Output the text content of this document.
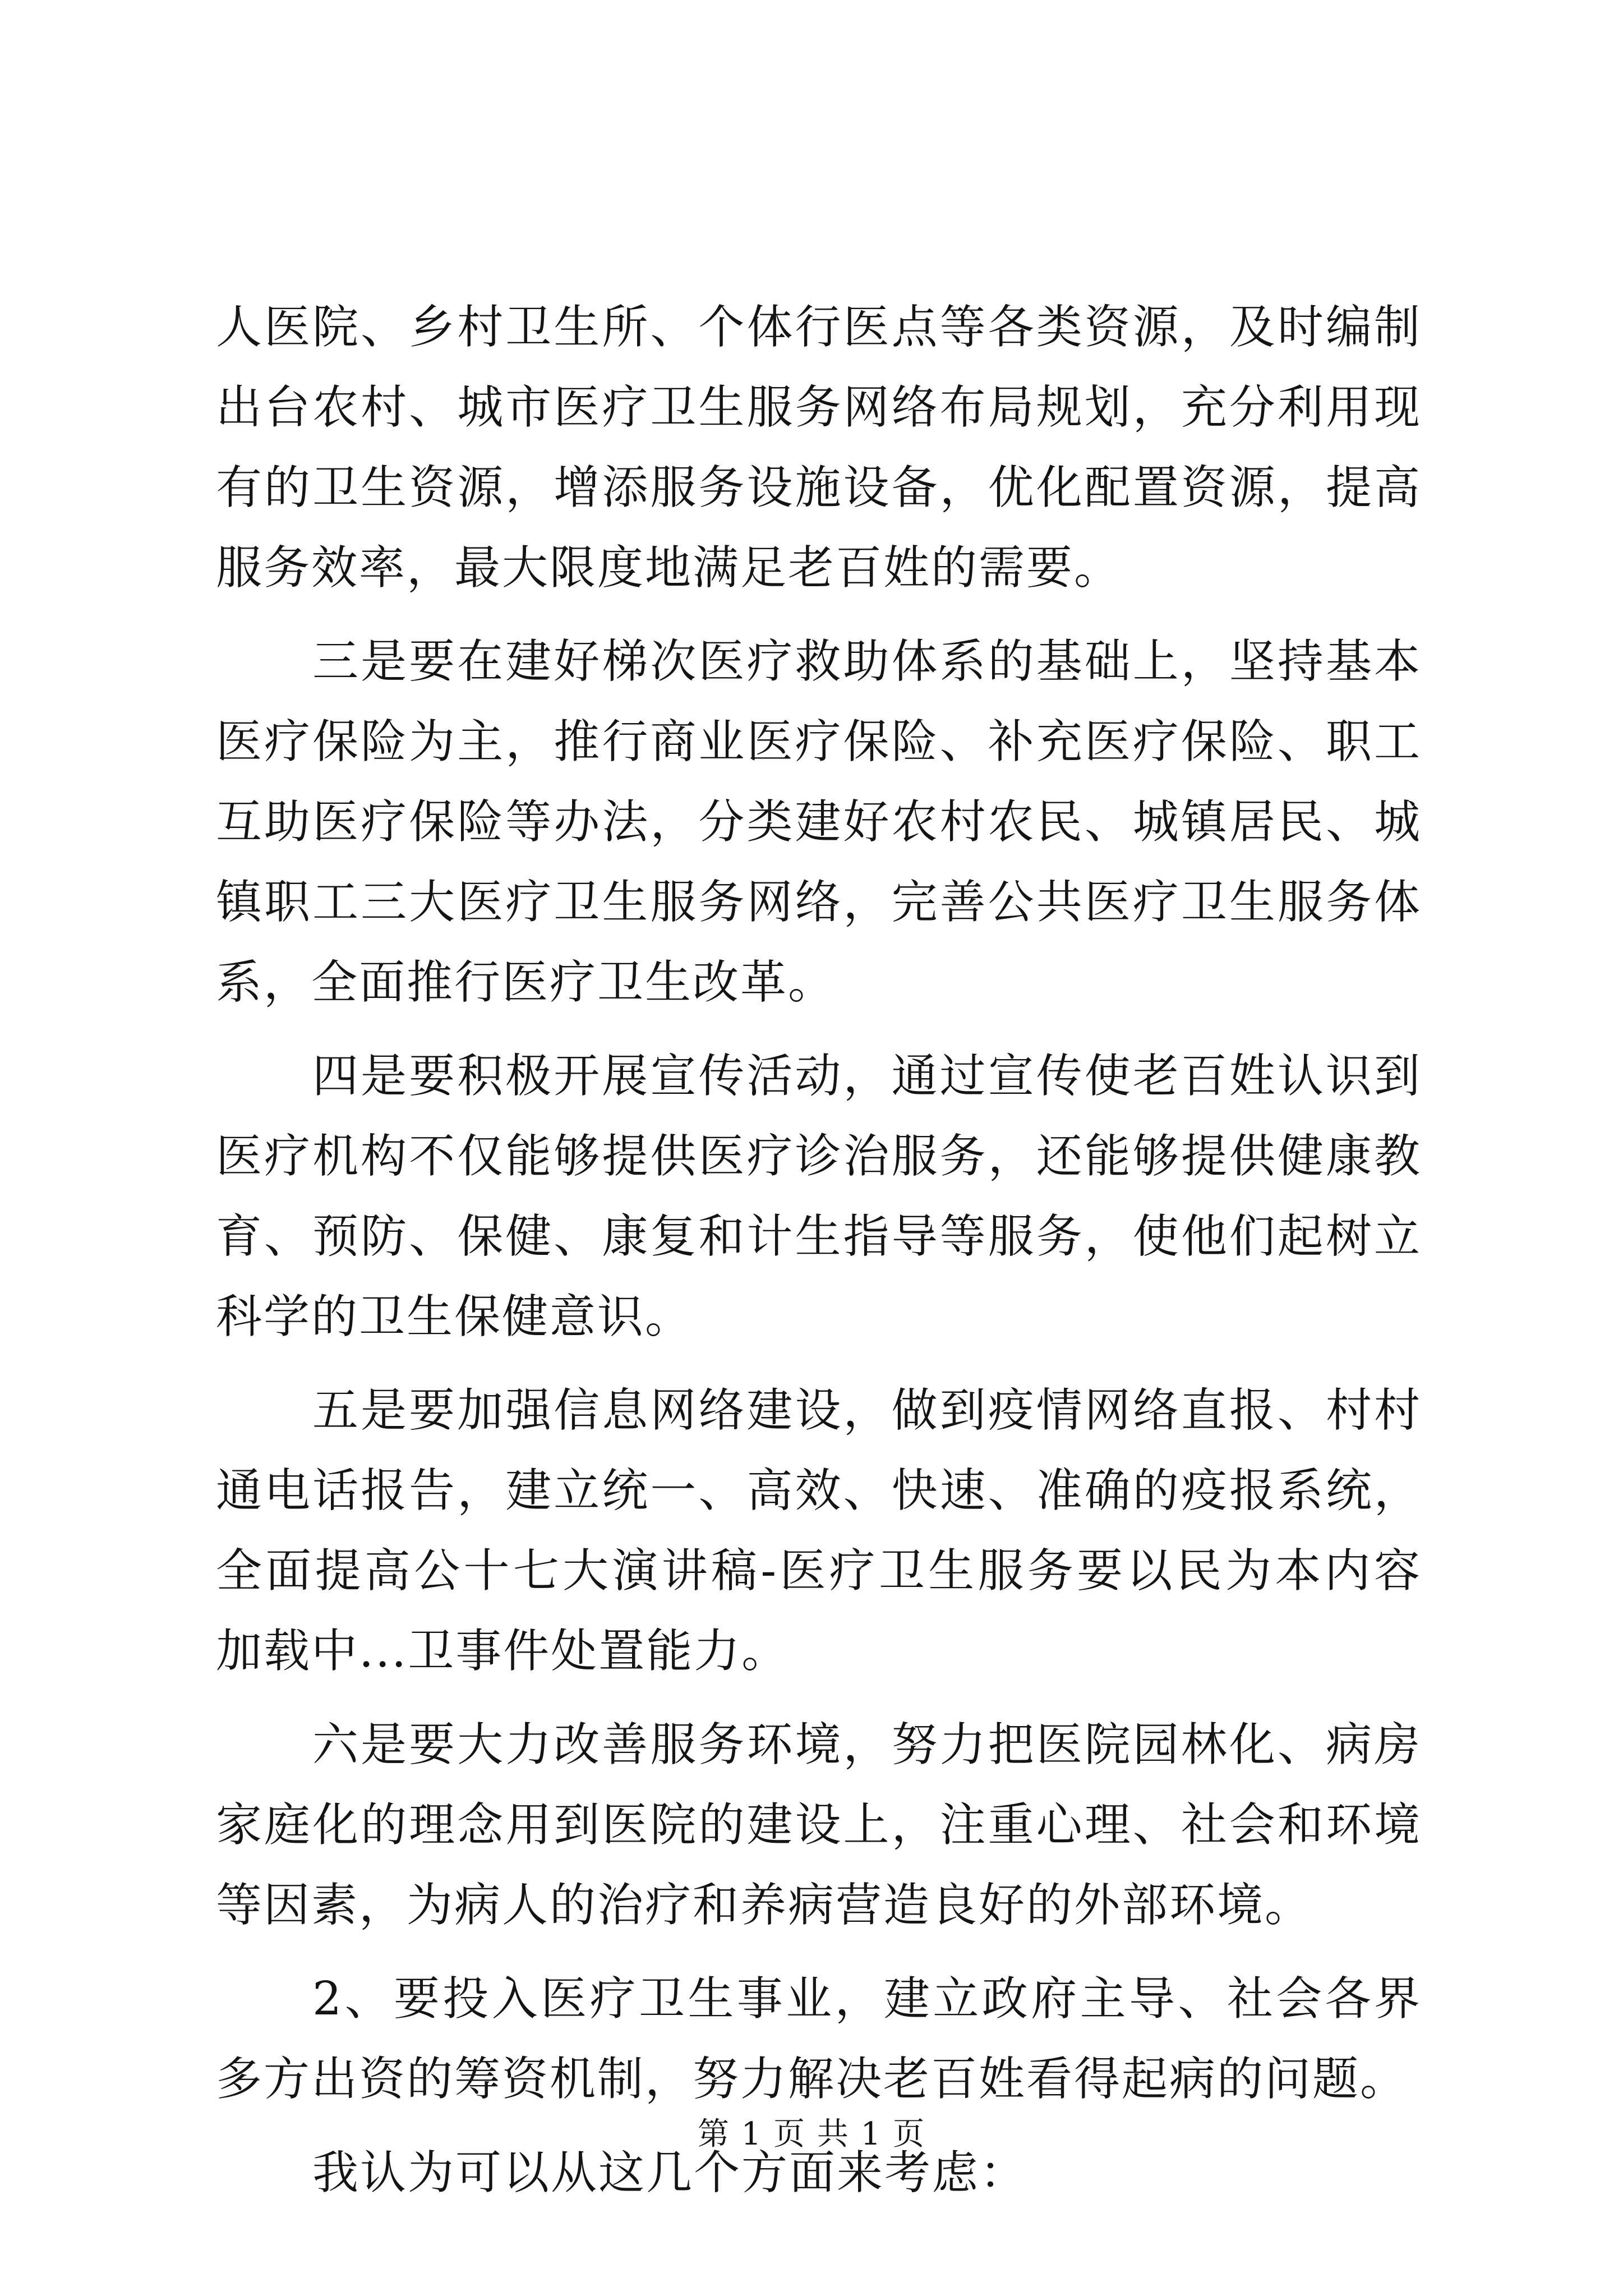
人医院、乡村卫生所、个体行医点等各类资源，及时编制出台农村、城市医疗卫生服务网络布局规划，充分利用现有的卫生资源，增添服务设施设备，优化配置资源，提高服务效率，最大限度地满足老百姓的需要。

三是要在建好梯次医疗救助体系的基础上，坚持基本医疗保险为主，推行商业医疗保险、补充医疗保险、职工互助医疗保险等办法，分类建好农村农民、城镇居民、城镇职工三大医疗卫生服务网络，完善公共医疗卫生服务体系，全面推行医疗卫生改革。

四是要积极开展宣传活动，通过宣传使老百姓认识到医疗机构不仅能够提供医疗诊治服务，还能够提供健康教育、预防、保健、康复和计生指导等服务，使他们起树立科学的卫生保健意识。

五是要加强信息网络建设，做到疫情网络直报、村村通电话报告，建立统一、高效、快速、准确的疫报系统，全面提高公十七大演讲稿-医疗卫生服务要以民为本内容加载中...卫事件处置能力。

六是要大力改善服务环境，努力把医院园林化、病房家庭化的理念用到医院的建设上，注重心理、社会和环境等因素，为病人的治疗和养病营造良好的外部环境。

2、要投入医疗卫生事业，建立政府主导、社会各界多方出资的筹资机制，努力解决老百姓看得起病的问题。

我认为可以从这几个方面来考虑：

第 1 页 共 1 页
